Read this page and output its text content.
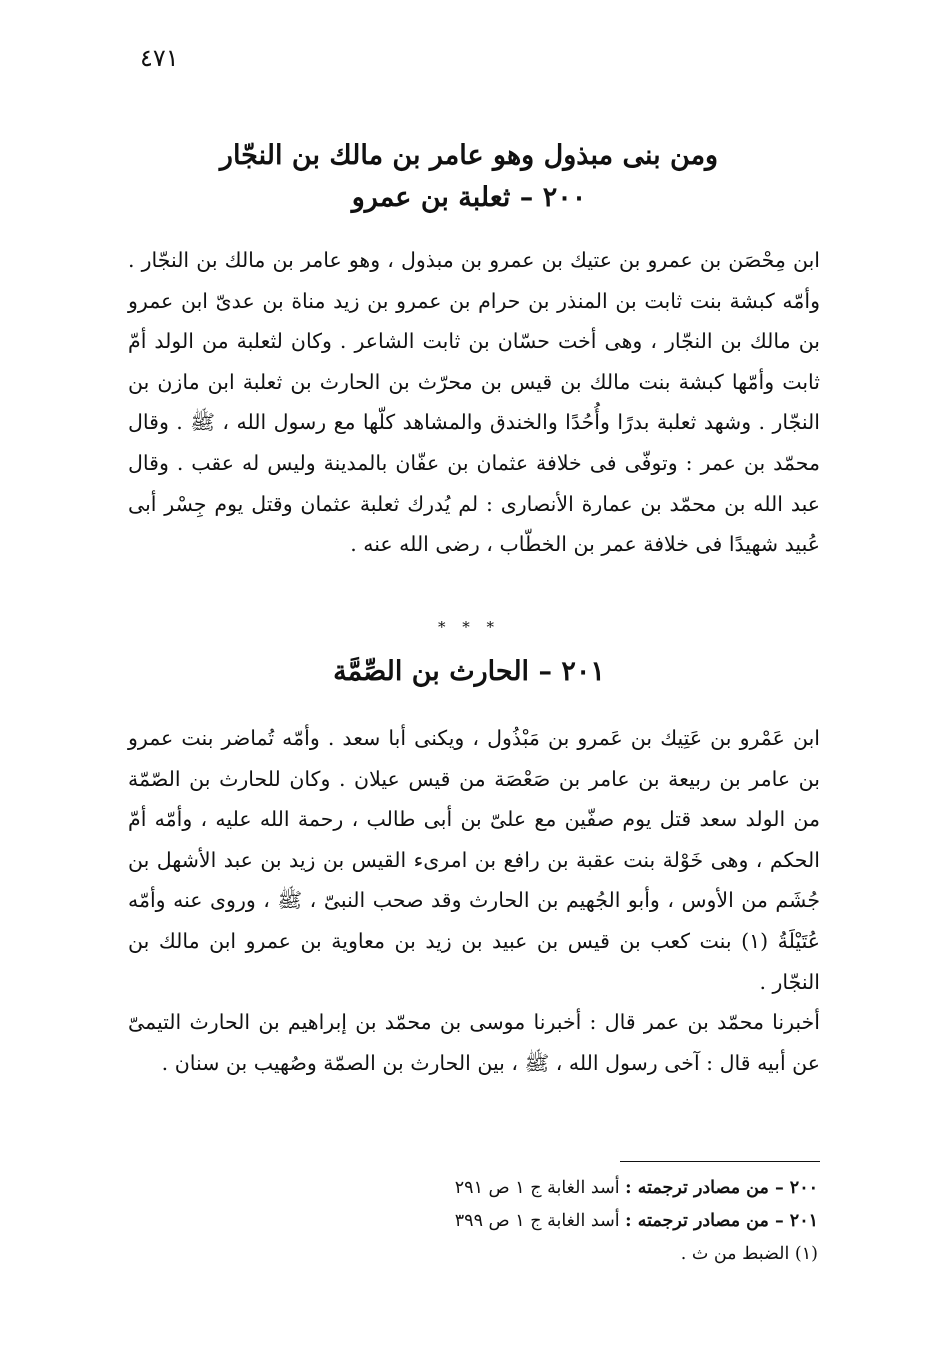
٤٧١
ومن بنى مبذول وهو عامر بن مالك بن النجّار
٢٠٠ – ثعلبة بن عمرو

ابن مِحْصَن بن عمرو بن عتيك بن عمرو بن مبذول ، وهو عامر بن مالك بن النجّار . وأمّه كبشة بنت ثابت بن المنذر بن حرام بن عمرو بن زيد مناة بن عدىّ ابن عمرو بن مالك بن النجّار ، وهى أخت حسّان بن ثابت الشاعر . وكان لثعلبة من الولد أمّ ثابت وأمّها كبشة بنت مالك بن قيس بن محرّث بن الحارث بن ثعلبة ابن مازن بن النجّار . وشهد ثعلبة بدرًا وأُحُدًا والخندق والمشاهد كلّها مع رسول الله ، ﷺ . وقال محمّد بن عمر : وتوفّى فى خلافة عثمان بن عفّان بالمدينة وليس له عقب . وقال عبد الله بن محمّد بن عمارة الأنصارى : لم يُدرك ثعلبة عثمان وقتل يوم جِسْر أبى عُبيد شهيدًا فى خلافة عمر بن الخطّاب ، رضى الله عنه .

* * *
٢٠١ – الحارث بن الصِّمَّة

ابن عَمْرو بن عَتِيك بن عَمرو بن مَبْذُول ، ويكنى أبا سعد . وأمّه تُماضر بنت عمرو بن عامر بن ربيعة بن عامر بن صَعْصَة من قيس عيلان . وكان للحارث بن الصّمّة من الولد سعد قتل يوم صفّين مع علىّ بن أبى طالب ، رحمة الله عليه ، وأمّه أمّ الحكم ، وهى خَوْلة بنت عقبة بن رافع بن امرىء القيس بن زيد بن عبد الأشهل بن جُشَم من الأوس ، وأبو الجُهيم بن الحارث وقد صحب النبىّ ، ﷺ ، وروى عنه وأمّه عُتَيْلَةُ (١) بنت كعب بن قيس بن عبيد بن زيد بن معاوية بن عمرو ابن مالك بن النجّار .

أخبرنا محمّد بن عمر قال : أخبرنا موسى بن محمّد بن إبراهيم بن الحارث التيمىّ عن أبيه قال : آخى رسول الله ، ﷺ ، بين الحارث بن الصمّة وصُهيب بن سنان .

٢٠٠ – من مصادر ترجمته : أسد الغابة ج ١ ص ٢٩١

٢٠١ – من مصادر ترجمته : أسد الغابة ج ١ ص ٣٩٩

(١) الضبط من ث .
